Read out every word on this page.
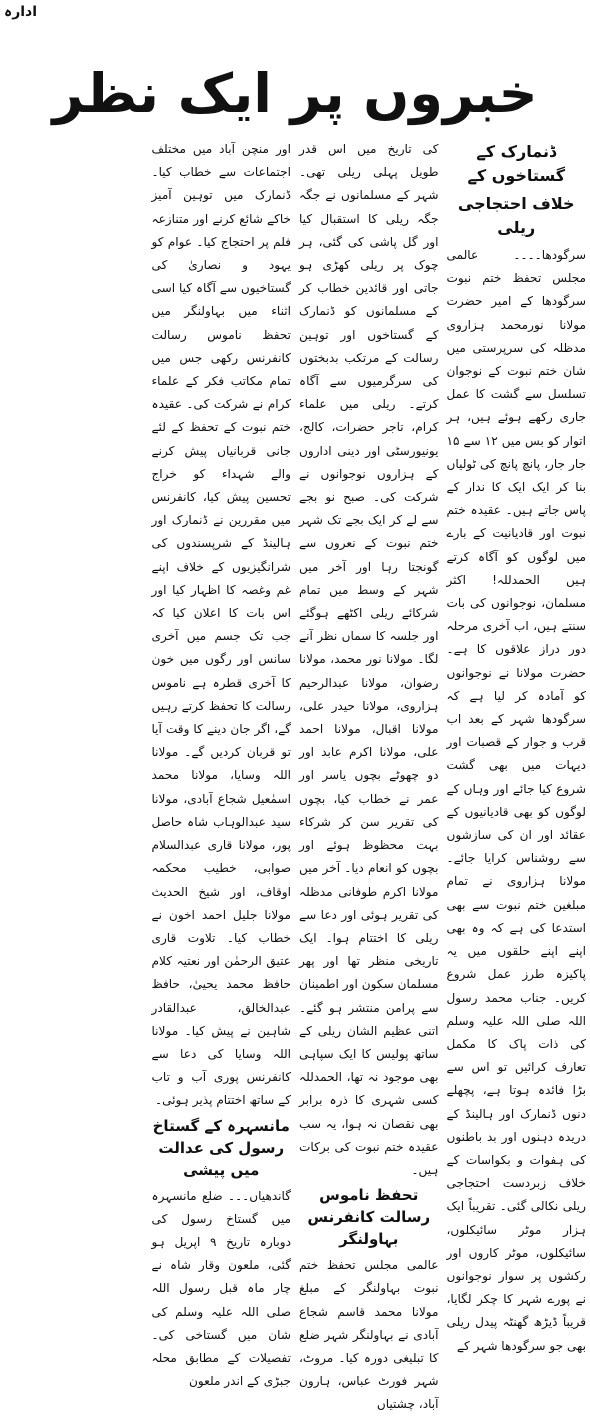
ادارہ
خبروں پر ایک نظر
ڈنمارک کے گستاخوں کے
خلاف احتجاجی ریلی

سرگودھا۔۔۔۔ عالمی مجلس تحفظ ختم نبوت سرگودھا کے امیر حضرت مولانا نورمحمد ہزاروی مدظلہ کی سرپرستی میں شان ختم نبوت کے نوجوان تسلسل سے گشت کا عمل جاری رکھے ہوئے ہیں، ہر اتوار کو بس میں ۱۲ سے ۱۵ جار جار، پانچ پانچ کی ٹولیاں بنا کر ایک ایک کا ندار کے پاس جاتے ہیں۔ عقیدہ ختم نبوت اور قادیانیت کے بارے میں لوگوں کو آگاہ کرتے ہیں الحمدللہ! اکثر مسلمان، نوجوانوں کی بات سنتے ہیں، اب آخری مرحلہ دور دراز علاقوں کا ہے۔ حضرت مولانا نے نوجوانوں کو آمادہ کر لیا ہے کہ سرگودھا شہر کے بعد اب قرب و جوار کے قصبات اور دیہات میں بھی گشت شروع کیا جائے اور وہاں کے لوگوں کو بھی قادیانیوں کے عقائد اور ان کی سازشوں سے روشناس کرایا جائے۔ مولانا ہزاروی نے تمام مبلغین ختم نبوت سے بھی استدعا کی ہے کہ وہ بھی اپنے اپنے حلقوں میں یہ پاکیزہ طرز عمل شروع کریں۔ جناب محمد رسول اللہ صلی اللہ علیہ وسلم کی ذات پاک کا مکمل تعارف کرائیں تو اس سے بڑا فائدہ ہوتا ہے، پچھلے دنوں ڈنمارک اور ہالینڈ کے دریدہ دہنوں اور بد باطنوں کی ہفوات و بکواسات کے خلاف زبردست احتجاجی ریلی نکالی گئی۔ تقریباً ایک ہزار موٹر سائیکلوں، سائیکلوں، موٹر کاروں اور رکشوں پر سوار نوجوانوں نے پورے شہر کا چکر لگایا، قریباً ڈیڑھ گھنٹہ پیدل ریلی بھی جو سرگودھا شہر کے

کی تاریخ میں اس قدر طویل پہلی ریلی تھی۔ شہر کے مسلمانوں نے جگہ جگہ ریلی کا استقبال کیا اور گل پاشی کی گئی، ہر چوک پر ریلی کھڑی ہو جاتی اور قائدین خطاب کر کے مسلمانوں کو ڈنمارک کے گستاخوں اور توہین رسالت کے مرتکب بدبختوں کی سرگرمیوں سے آگاہ کرتے۔ ریلی میں علماء کرام، تاجر حضرات، کالج، یونیورسٹی اور دینی اداروں کے ہزاروں نوجوانوں نے شرکت کی۔ صبح نو بجے سے لے کر ایک بجے تک شہر ختم نبوت کے نعروں سے گونجتا رہا اور آخر میں شہر کے وسط میں تمام شرکائے ریلی اکٹھے ہوگئے اور جلسہ کا سماں نظر آنے لگا۔ مولانا نور محمد، مولانا رضوان، مولانا عبدالرحیم ہزاروی، مولانا حیدر علی، مولانا اقبال، مولانا احمد علی، مولانا اکرم عابد اور دو چھوٹے بچوں یاسر اور عمر نے خطاب کیا، بچوں کی تقریر سن کر شرکاء بہت محظوظ ہوئے اور بچوں کو انعام دیا۔ آخر میں مولانا اکرم طوفانی مدظلہ کی تقریر ہوئی اور دعا سے ریلی کا اختتام ہوا۔ ایک تاریخی منظر تھا اور پھر مسلمان سکون اور اطمینان سے پرامن منتشر ہو گئے۔ اتنی عظیم الشان ریلی کے ساتھ پولیس کا ایک سپاہی بھی موجود نہ تھا، الحمدللہ کسی شہری کا ذرہ برابر بھی نقصان نہ ہوا، یہ سب عقیدہ ختم نبوت کی برکات ہیں۔

تحفظ ناموس رسالت کانفرنس بہاولنگر

عالمی مجلس تحفظ ختم نبوت بہاولنگر کے مبلغ مولانا محمد قاسم شجاع آبادی نے بہاولنگر شہر ضلع کا تبلیغی دورہ کیا۔ مروٹ، شہر فورٹ عباس، ہارون آباد، چشتیاں

اور منچن آباد میں مختلف اجتماعات سے خطاب کیا۔ ڈنمارک میں توہین آمیز خاکے شائع کرنے اور متنازعہ فلم پر احتجاج کیا۔ عوام کو یہود و نصاریٰ کی گستاخیوں سے آگاہ کیا اسی اثناء میں بہاولنگر میں تحفظ ناموس رسالت کانفرنس رکھی جس میں تمام مکاتب فکر کے علماء کرام نے شرکت کی۔ عقیدہ ختم نبوت کے تحفظ کے لئے جانی قربانیاں پیش کرنے والے شہداء کو خراج تحسین پیش کیا، کانفرنس میں مقررین نے ڈنمارک اور ہالینڈ کے شرپسندوں کی شرانگیزیوں کے خلاف اپنے غم وغصہ کا اظہار کیا اور اس بات کا اعلان کیا کہ جب تک جسم میں آخری سانس اور رگوں میں خون کا آخری قطرہ ہے ناموس رسالت کا تحفظ کرتے رہیں گے، اگر جان دینے کا وقت آیا تو قربان کردیں گے۔ مولانا اللہ وسایا، مولانا محمد اسمٰعیل شجاع آبادی، مولانا سید عبدالوہاب شاہ حاصل پور، مولانا قاری عبدالسلام صوابی، خطیب محکمہ اوقاف، اور شیخ الحدیث مولانا جلیل احمد اخون نے خطاب کیا۔ تلاوت قاری عتیق الرحمٰن اور نعتیہ کلام حافظ محمد یحییٰ، حافظ عبدالخالق، عبدالقادر شاہین نے پیش کیا۔ مولانا اللہ وسایا کی دعا سے کانفرنس پوری آب و تاب کے ساتھ اختتام پذیر ہوئی۔

مانسہرہ کے گستاخ رسول کی عدالت میں پیشی

گاندھیاں۔۔۔ ضلع مانسہرہ میں گستاخ رسول کی دوبارہ تاریخ ۹ اپریل ہو گئی، ملعون وقار شاہ نے چار ماہ قبل رسول اللہ صلی اللہ علیہ وسلم کی شان میں گستاخی کی۔ تفصیلات کے مطابق محلہ جبڑی کے اندر ملعون
